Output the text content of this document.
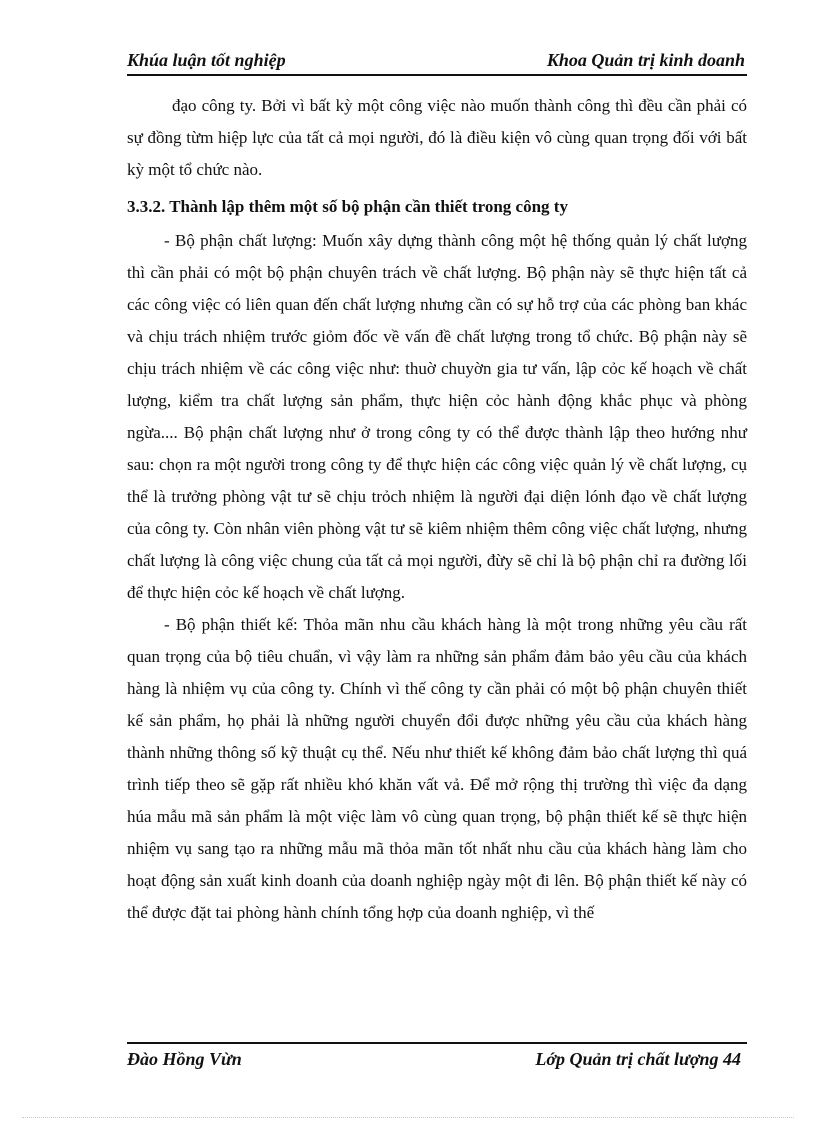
Khúa luận tốt nghiệp	Khoa Quản trị kinh doanh

đạo công ty. Bởi vì bất kỳ một công việc nào muốn thành công thì đều cần phải có sự đồng từm hiệp lực của tất cả mọi người, đó là điều kiện vô cùng quan trọng đối với bất kỳ một tổ chức nào.

3.3.2. Thành lập thêm một số bộ phận cần thiết trong công ty

- Bộ phận chất lượng: Muốn xây dựng thành công một hệ thống quản lý chất lượng thì cần phải có một bộ phận chuyên trách về chất lượng. Bộ phận này sẽ thực hiện tất cả các công việc có liên quan đến chất lượng nhưng cần có sự hỗ trợ của các phòng ban khác và chịu trách nhiệm trước giỏm đốc về vấn đề chất lượng trong tổ chức. Bộ phận này sẽ chịu trách nhiệm về các công việc như: thuờ chuyờn gia tư vấn, lập cỏc kế hoạch về chất lượng, kiểm tra chất lượng sản phẩm, thực hiện cỏc hành động khắc phục và phòng ngừa.... Bộ phận chất lượng như ở trong công ty có thể được thành lập theo hướng như sau: chọn ra một người trong công ty để thực hiện các công việc quản lý về chất lượng, cụ thể là trưởng phòng vật tư sẽ chịu trỏch nhiệm là người đại diện lónh đạo về chất lượng của công ty. Còn nhân viên phòng vật tư sẽ kiêm nhiệm thêm công việc chất lượng, nhưng chất lượng là công việc chung của tất cả mọi người, đừy sẽ chỉ là bộ phận chỉ ra đường lối để thực hiện cỏc kế hoạch về chất lượng.

- Bộ phận thiết kế: Thỏa mãn nhu cầu khách hàng là một trong những yêu cầu rất quan trọng của bộ tiêu chuẩn, vì vậy làm ra những sản phẩm đảm bảo yêu cầu của khách hàng là nhiệm vụ của công ty. Chính vì thế công ty cần phải có một bộ phận chuyên thiết kế sản phẩm, họ phải là những người chuyển đổi được những yêu cầu của khách hàng thành những thông số kỹ thuật cụ thể. Nếu như thiết kế không đảm bảo chất lượng thì quá trình tiếp theo sẽ gặp rất nhiều khó khăn vất vả. Để mở rộng thị trường thì việc đa dạng húa mẫu mã sản phẩm là một việc làm vô cùng quan trọng, bộ phận thiết kế sẽ thực hiện nhiệm vụ sang tạo ra những mẫu mã thỏa mãn tốt nhất nhu cầu của khách hàng làm cho hoạt động sản xuất kinh doanh của doanh nghiệp ngày một đi lên. Bộ phận thiết kế này có thể được đặt tai phòng hành chính tổng hợp của doanh nghiệp, vì thế

Đào Hồng Vừn	Lớp Quản trị chất lượng 44
